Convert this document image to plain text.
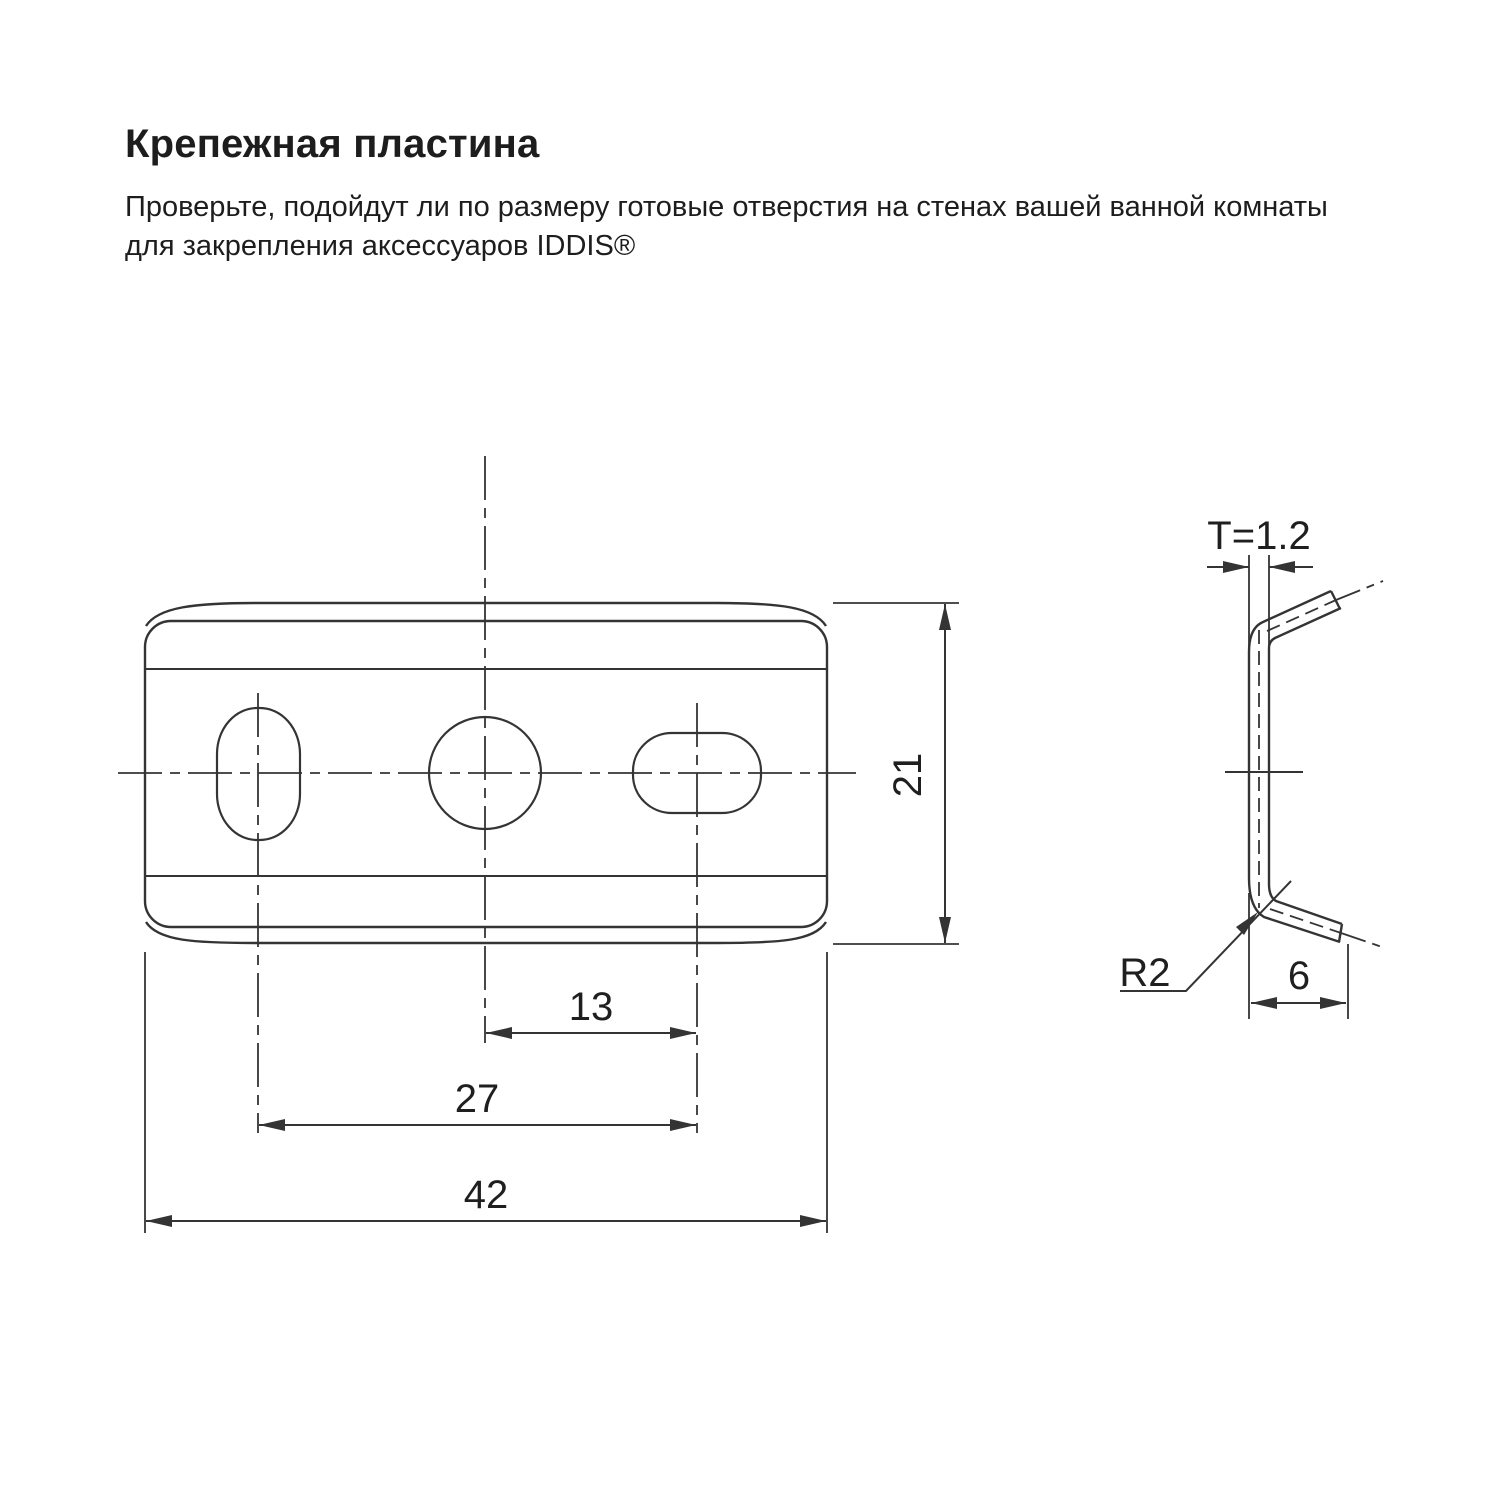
Крепежная пластина

Проверьте, подойдут ли по размеру готовые отверстия на стенах вашей ванной комнаты
для закрепления аксессуаров IDDIS®

13
27
42
21
T=1.2
R2	6
